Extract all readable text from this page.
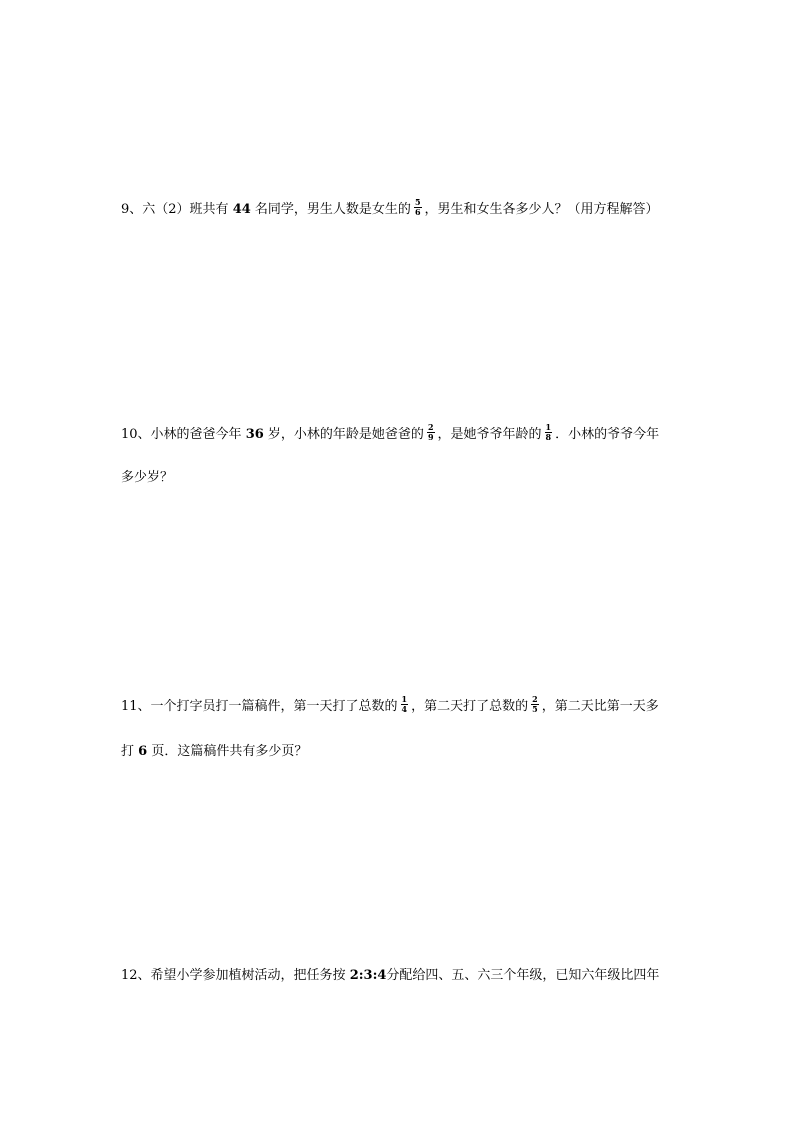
9、六（2）班共有 44 名同学，男生人数是女生的 $\frac{5}{6}$ ，男生和女生各多少人？（用方程解答）
10、小林的爸爸今年 36 岁，小林的年龄是她爸爸的 $\frac{2}{9}$ ，是她爷爷年龄的 $\frac{1}{8}$ ．小林的爷爷今年
多少岁？
11、一个打字员打一篇稿件，第一天打了总数的 $\frac{1}{4}$ ，第二天打了总数的 $\frac{2}{5}$ ，第二天比第一天多
打 6 页．这篇稿件共有多少页？
12、希望小学参加植树活动，把任务按 2:3:4分配给四、五、六三个年级，已知六年级比四年
